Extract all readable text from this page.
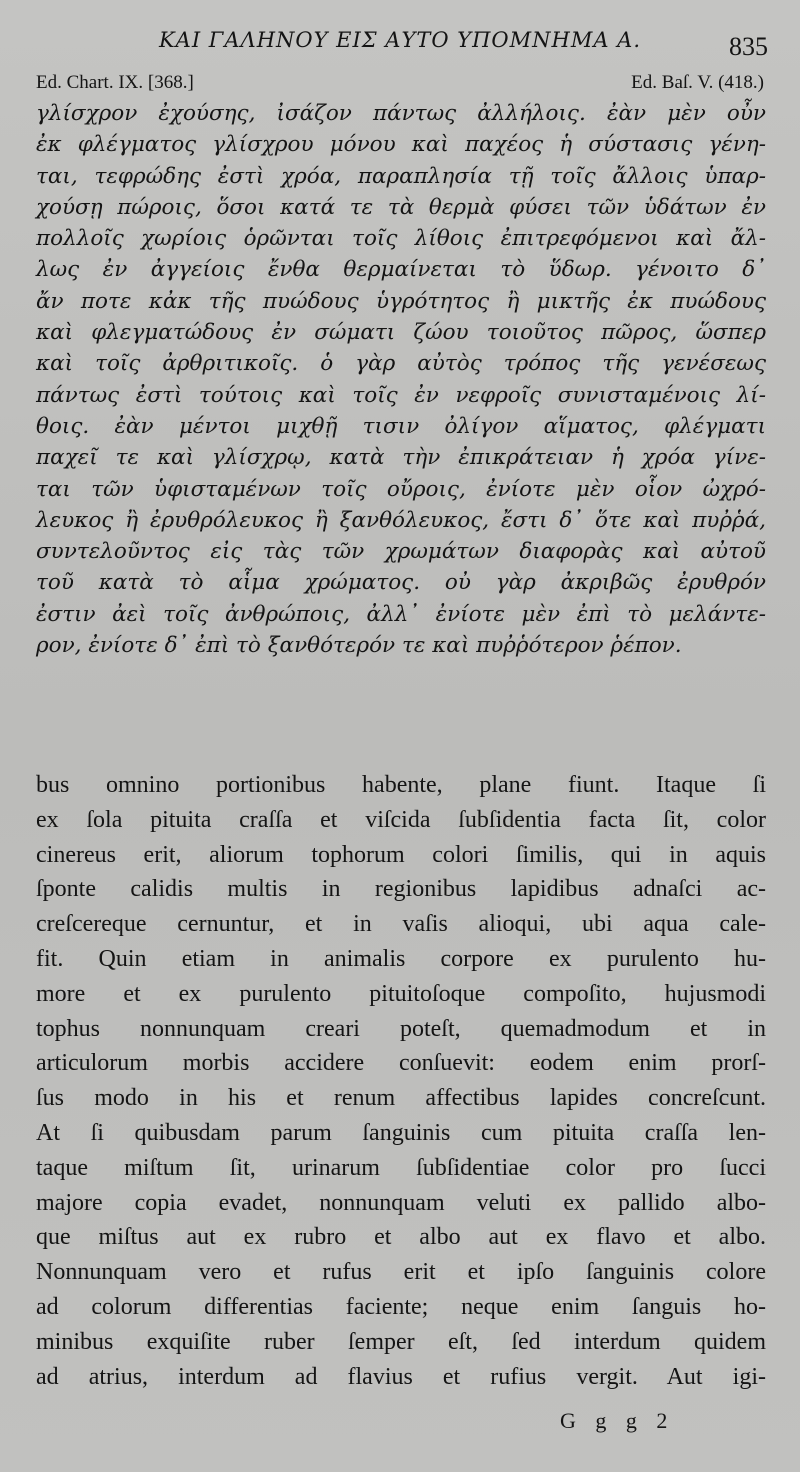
ΚΑΙ ΓΑΛΗΝΟΥ ΕΙΣ ΑΥΤΟ ΥΠΟΜΝΗΜΑ Α.	835
Ed. Chart. IX. [368.]	Ed. Baſ. V. (418.)
γλίσχρον ἐχούσης, ἰσάζον πάντως ἀλλήλοις. ἐὰν μὲν οὖν
ἐκ φλέγματος γλίσχρου μόνου καὶ παχέος ἡ σύστασις γένη-
ται, τεφρώδης ἐστὶ χρόα, παραπλησία τῇ τοῖς ἄλλοις ὑπαρ-
χούσῃ πώροις, ὅσοι κατά τε τὰ θερμὰ φύσει τῶν ὑδάτων ἐν
πολλοῖς χωρίοις ὁρῶνται τοῖς λίθοις ἐπιτρεφόμενοι καὶ ἄλ-
λως ἐν ἀγγείοις ἔνθα θερμαίνεται τὸ ὕδωρ. γένοιτο δ᾽
ἄν ποτε κἀκ τῆς πυώδους ὑγρότητος ἢ μικτῆς ἐκ πυώδους
καὶ φλεγματώδους ἐν σώματι ζώου τοιοῦτος πῶρος, ὥσπερ
καὶ τοῖς ἀρθριτικοῖς. ὁ γὰρ αὐτὸς τρόπος τῆς γενέσεως
πάντως ἐστὶ τούτοις καὶ τοῖς ἐν νεφροῖς συνισταμένοις λί-
θοις. ἐὰν μέντοι μιχθῇ τισιν ὀλίγον αἵματος, φλέγματι
παχεῖ τε καὶ γλίσχρῳ, κατὰ τὴν ἐπικράτειαν ἡ χρόα γίνε-
ται τῶν ὑφισταμένων τοῖς οὔροις, ἐνίοτε μὲν οἷον ὠχρό-
λευκος ἢ ἐρυθρόλευκος ἢ ξανθόλευκος, ἔστι δ᾽ ὅτε καὶ πυῤῥά,
συντελοῦντος εἰς τὰς τῶν χρωμάτων διαφορὰς καὶ αὐτοῦ
τοῦ κατὰ τὸ αἷμα χρώματος. οὐ γὰρ ἀκριβῶς ἐρυθρόν
ἐστιν ἀεὶ τοῖς ἀνθρώποις, ἀλλ᾽ ἐνίοτε μὲν ἐπὶ τὸ μελάντε-
ρον, ἐνίοτε δ᾽ ἐπὶ τὸ ξανθότερόν τε καὶ πυῤῥότερον ῥέπον.
bus omnino portionibus habente, plane fiunt. Itaque ſi
ex ſola pituita craſſa et viſcida ſubſidentia facta ſit, color
cinereus erit, aliorum tophorum colori ſimilis, qui in aquis
ſponte calidis multis in regionibus lapidibus adnaſci ac-
creſcereque cernuntur, et in vaſis alioqui, ubi aqua cale-
fit. Quin etiam in animalis corpore ex purulento hu-
more et ex purulento pituitoſoque compoſito, hujusmodi
tophus nonnunquam creari poteſt, quemadmodum et in
articulorum morbis accidere conſuevit: eodem enim prorſ-
ſus modo in his et renum affectibus lapides concreſcunt.
At ſi quibusdam parum ſanguinis cum pituita craſſa len-
taque miſtum ſit, urinarum ſubſidentiae color pro ſucci
majore copia evadet, nonnunquam veluti ex pallido albo-
que miſtus aut ex rubro et albo aut ex flavo et albo.
Nonnunquam vero et rufus erit et ipſo ſanguinis colore
ad colorum differentias faciente; neque enim ſanguis ho-
minibus exquiſite ruber ſemper eſt, ſed interdum quidem
ad atrius, interdum ad flavius et rufius vergit. Aut igi-
G g g 2
